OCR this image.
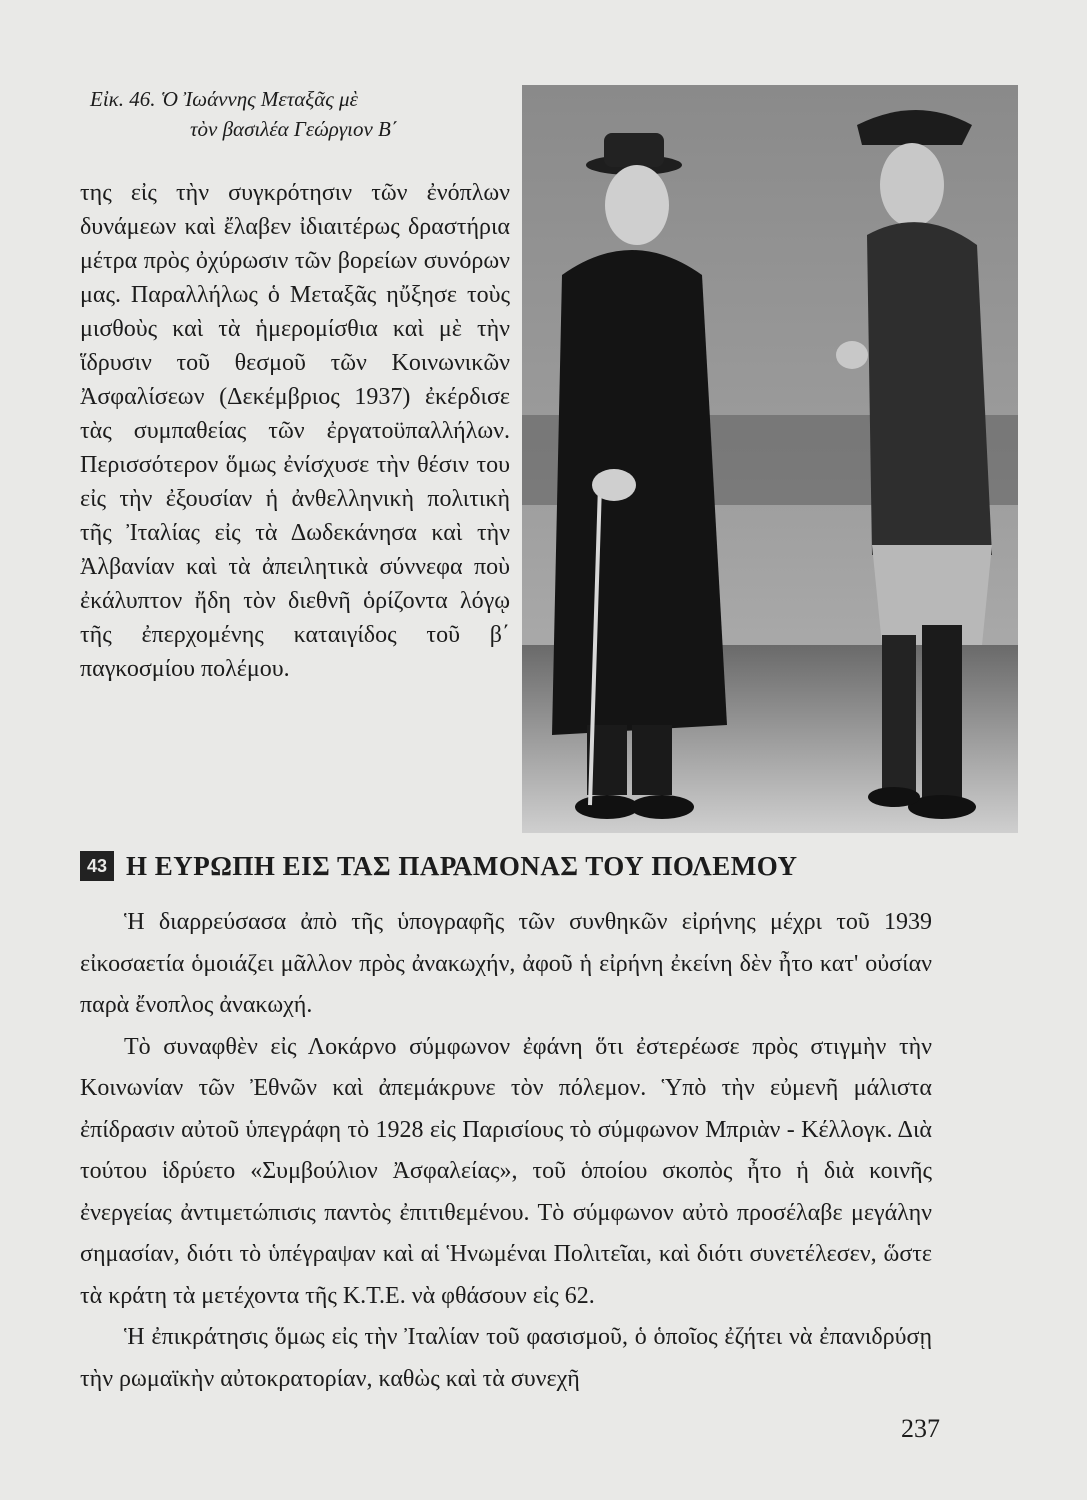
Εἰκ. 46. Ὁ Ἰωάννης Μεταξᾶς μὲ
τὸν βασιλέα Γεώργιον Β΄

της εἰς τὴν συγκρότησιν τῶν ἐνόπλων δυνάμεων καὶ ἔλαβεν ἰδιαιτέρως δραστήρια μέτρα πρὸς ὀχύρωσιν τῶν βορείων συνόρων μας. Παραλλήλως ὁ Μεταξᾶς ηὔξησε τοὺς μισθοὺς καὶ τὰ ἡμερομίσθια καὶ μὲ τὴν ἵδρυσιν τοῦ θεσμοῦ τῶν Κοινωνικῶν Ἀσφαλίσεων (Δεκέμβριος 1937) ἐκέρδισε τὰς συμπαθείας τῶν ἐργατοϋπαλλήλων. Περισσότερον ὅμως ἐνίσχυσε τὴν θέσιν του εἰς τὴν ἐξουσίαν ἡ ἀνθελληνικὴ πολιτικὴ τῆς Ἰταλίας εἰς τὰ Δωδεκάνησα καὶ τὴν Ἀλβανίαν καὶ τὰ ἀπειλητικὰ σύννεφα ποὺ ἐκάλυπτον ἤδη τὸν διεθνῆ ὁρίζοντα λόγῳ τῆς ἐπερχομένης καταιγίδος τοῦ β΄ παγκοσμίου πολέμου.

43 Η ΕΥΡΩΠΗ ΕΙΣ ΤΑΣ ΠΑΡΑΜΟΝΑΣ ΤΟΥ ΠΟΛΕΜΟΥ

Ἡ διαρρεύσασα ἀπὸ τῆς ὑπογραφῆς τῶν συνθηκῶν εἰρήνης μέχρι τοῦ 1939 εἰκοσαετία ὁμοιάζει μᾶλλον πρὸς ἀνακωχήν, ἀφοῦ ἡ εἰρήνη ἐκείνη δὲν ἦτο κατ' οὐσίαν παρὰ ἔνοπλος ἀνακωχή.

Τὸ συναφθὲν εἰς Λοκάρνο σύμφωνον ἐφάνη ὅτι ἐστερέωσε πρὸς στιγμὴν τὴν Κοινωνίαν τῶν Ἐθνῶν καὶ ἀπεμάκρυνε τὸν πόλεμον. Ὑπὸ τὴν εὐμενῆ μάλιστα ἐπίδρασιν αὐτοῦ ὑπεγράφη τὸ 1928 εἰς Παρισίους τὸ σύμφωνον Μπριὰν - Κέλλογκ. Διὰ τούτου ἱδρύετο «Συμβούλιον Ἀσφαλείας», τοῦ ὁποίου σκοπὸς ἦτο ἡ διὰ κοινῆς ἐνεργείας ἀντιμετώπισις παντὸς ἐπιτιθεμένου. Τὸ σύμφωνον αὐτὸ προσέλαβε μεγάλην σημασίαν, διότι τὸ ὑπέγραψαν καὶ αἱ Ἡνωμέναι Πολιτεῖαι, καὶ διότι συνετέλεσεν, ὥστε τὰ κράτη τὰ μετέχοντα τῆς Κ.Τ.Ε. νὰ φθάσουν εἰς 62.

Ἡ ἐπικράτησις ὅμως εἰς τὴν Ἰταλίαν τοῦ φασισμοῦ, ὁ ὁποῖος ἐζήτει νὰ ἐπανιδρύσῃ τὴν ρωμαϊκὴν αὐτοκρατορίαν, καθὼς καὶ τὰ συνεχῆ

237
